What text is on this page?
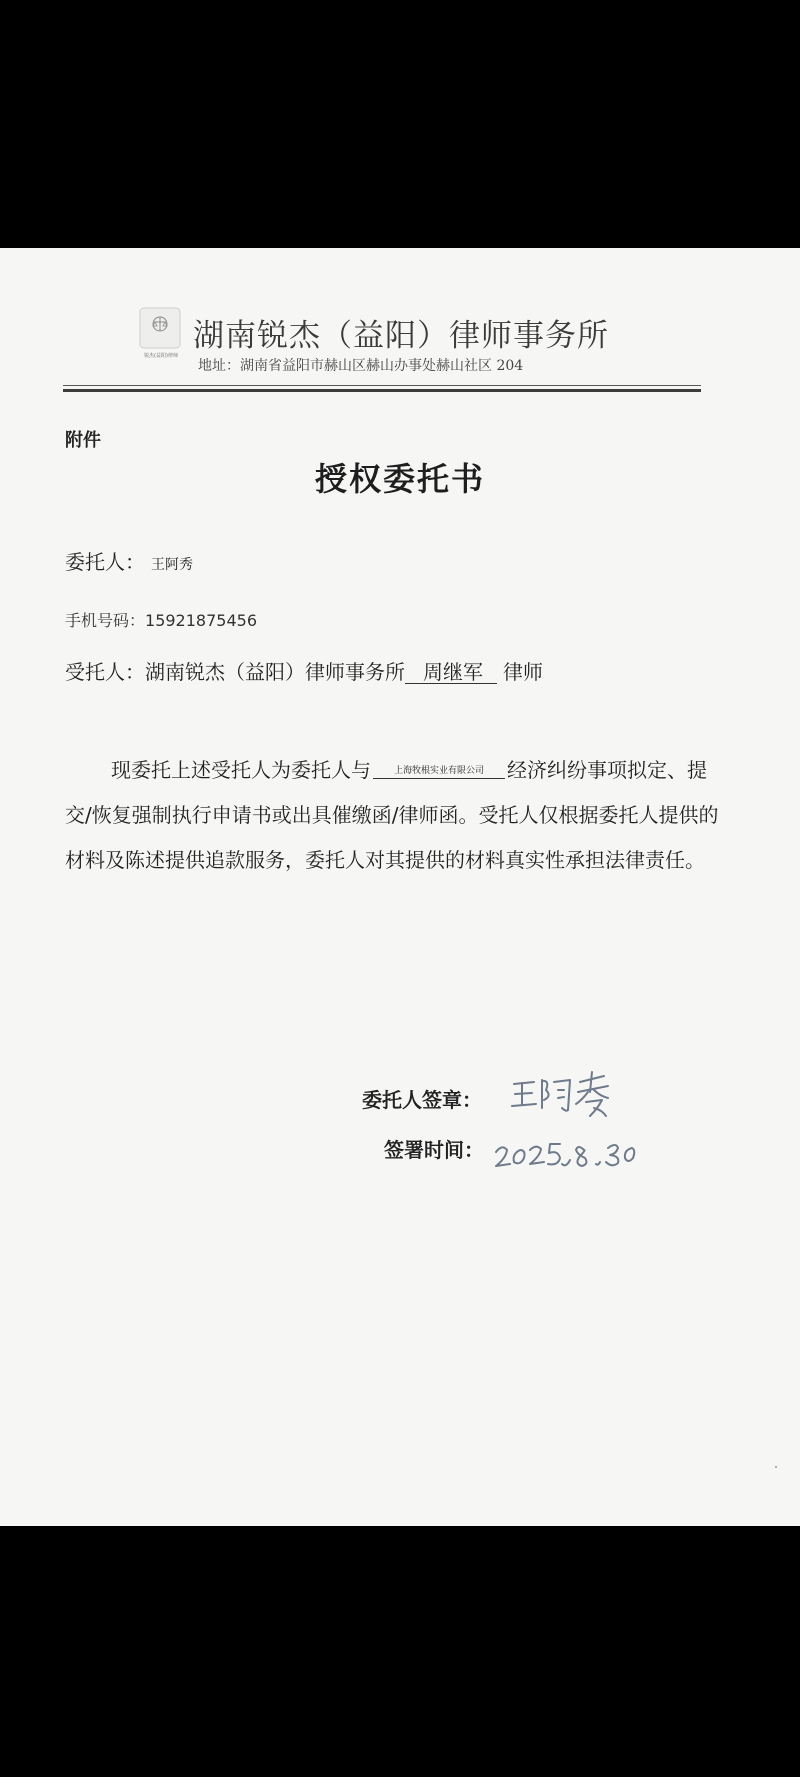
锐杰(益阳)律师
湖南锐杰（益阳）律师事务所
地址：湖南省益阳市赫山区赫山办事处赫山社区 204
附件
授权委托书
委托人： 王阿秀
手机号码：15921875456
受托人：湖南锐杰（益阳）律师事务所 周继军 律师
现委托上述受托人为委托人与	上海牧根实业有限公司 经济纠纷事项拟定、提交/恢复强制执行申请书或出具催缴函/律师函。受托人仅根据委托人提供的材料及陈述提供追款服务，委托人对其提供的材料真实性承担法律责任。
委托人签章：
签署时间：
